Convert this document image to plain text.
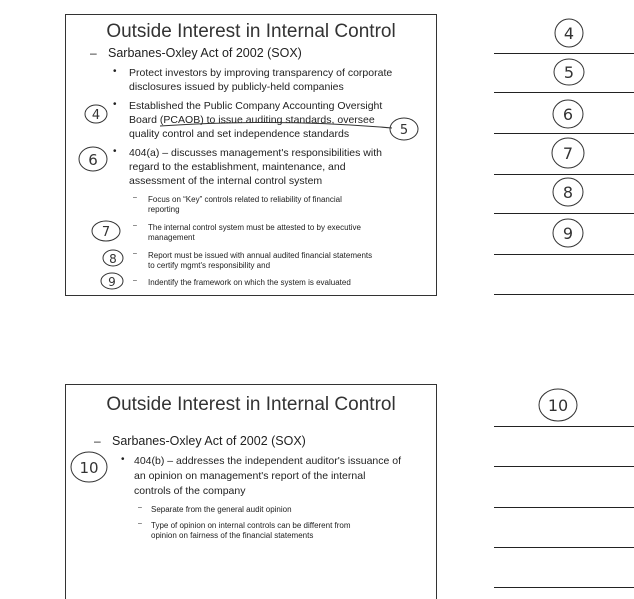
Outside Interest in Internal Control
– Sarbanes-Oxley Act of 2002 (SOX)
• Protect investors by improving transparency of corporate
disclosures issued by publicly-held companies
• Established the Public Company Accounting Oversight
Board (PCAOB) to issue auditing standards, oversee
quality control and set independence standards
• 404(a) – discusses management's responsibilities with
regard to the establishment, maintenance, and
assessment of the internal control system
– Focus on “Key” controls related to reliability of financial
reporting
– The internal control system must be attested to by executive
management
– Report must be issued with annual audited financial statements
to certify mgmt's responsibility and
– Indentify the framework on which the system is evaluated
Outside Interest in Internal Control
– Sarbanes-Oxley Act of 2002 (SOX)
• 404(b) – addresses the independent auditor's issuance of
an opinion on management's report of the internal
controls of the company
– Separate from the general audit opinion
– Type of opinion on internal controls can be different from
opinion on fairness of the financial statements
4
5
6
7
8
9
10
4
5
6
7
8
9
10
